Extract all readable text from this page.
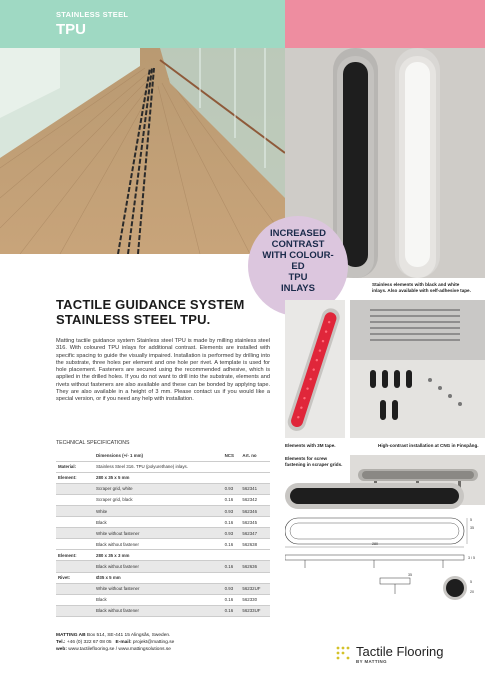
STAINLESS STEEL
TPU
INCREASED
CONTRAST
WITH COLOUR-
ED
TPU
INLAYS	Stainless elements with black and white inlays. Also available with self-adhesive tape.
TACTILE GUIDANCE SYSTEM STAINLESS STEEL TPU.
Matting tactile guidance system Stainless steel TPU is made by milling stainless steel 316. With coloured TPU inlays for additional contrast. Elements are installed with specific spacing to guide the visually impaired. Installation is performed by drilling into the substrate, three holes per element and one hole per rivet. A template is used for hole placement. Fasteners are secured using the recommended adhesive, which is applied in the drilled holes. If you do not want to drill into the substrate, elements and rivets without fasteners are also available and these can be bonded by applying tape. They are also available in a height of 3 mm. Please contact us if you would like a special version, or if you need any help with installation.
Elements with 3M tape.	High-contrast installation at CNG in Finspång.
Elements for screw fastening in scraper grids.
5
35
280
3 / 5
35
5
20
TECHNICAL SPECIFICATIONS
	Dimensions (+/- 1 mm)	NCS	Art. no
Material:	Stainless Steel 316. TPU (polyurethane) inlays.		
Element:	280 x 35 x 5 mm		
	Scraper grid, white	0.93	562341
	Scraper grid, black	0.16	562342
	White	0.93	562346
	Black	0.16	562345
	White without fastener	0.93	562347
	Black without fastener	0.16	562638
Element:	280 x 35 x 3 mm		
	Black without fastener	0.16	562636
Rivet:	Ø35 x 5 mm		
	White without fastener	0.93	56232UF
	Black	0.16	562330
	Black without fastener	0.16	56233UF
MATTING AB Box 514, SE-441 15 Alingsås, Sweden.
Tel.: +46 (0) 322 67 08 05 E-mail: projekt@matting.se
web: www.tactileflooring.se / www.mattingsolutions.se	Tactile Flooring
BY MATTING
